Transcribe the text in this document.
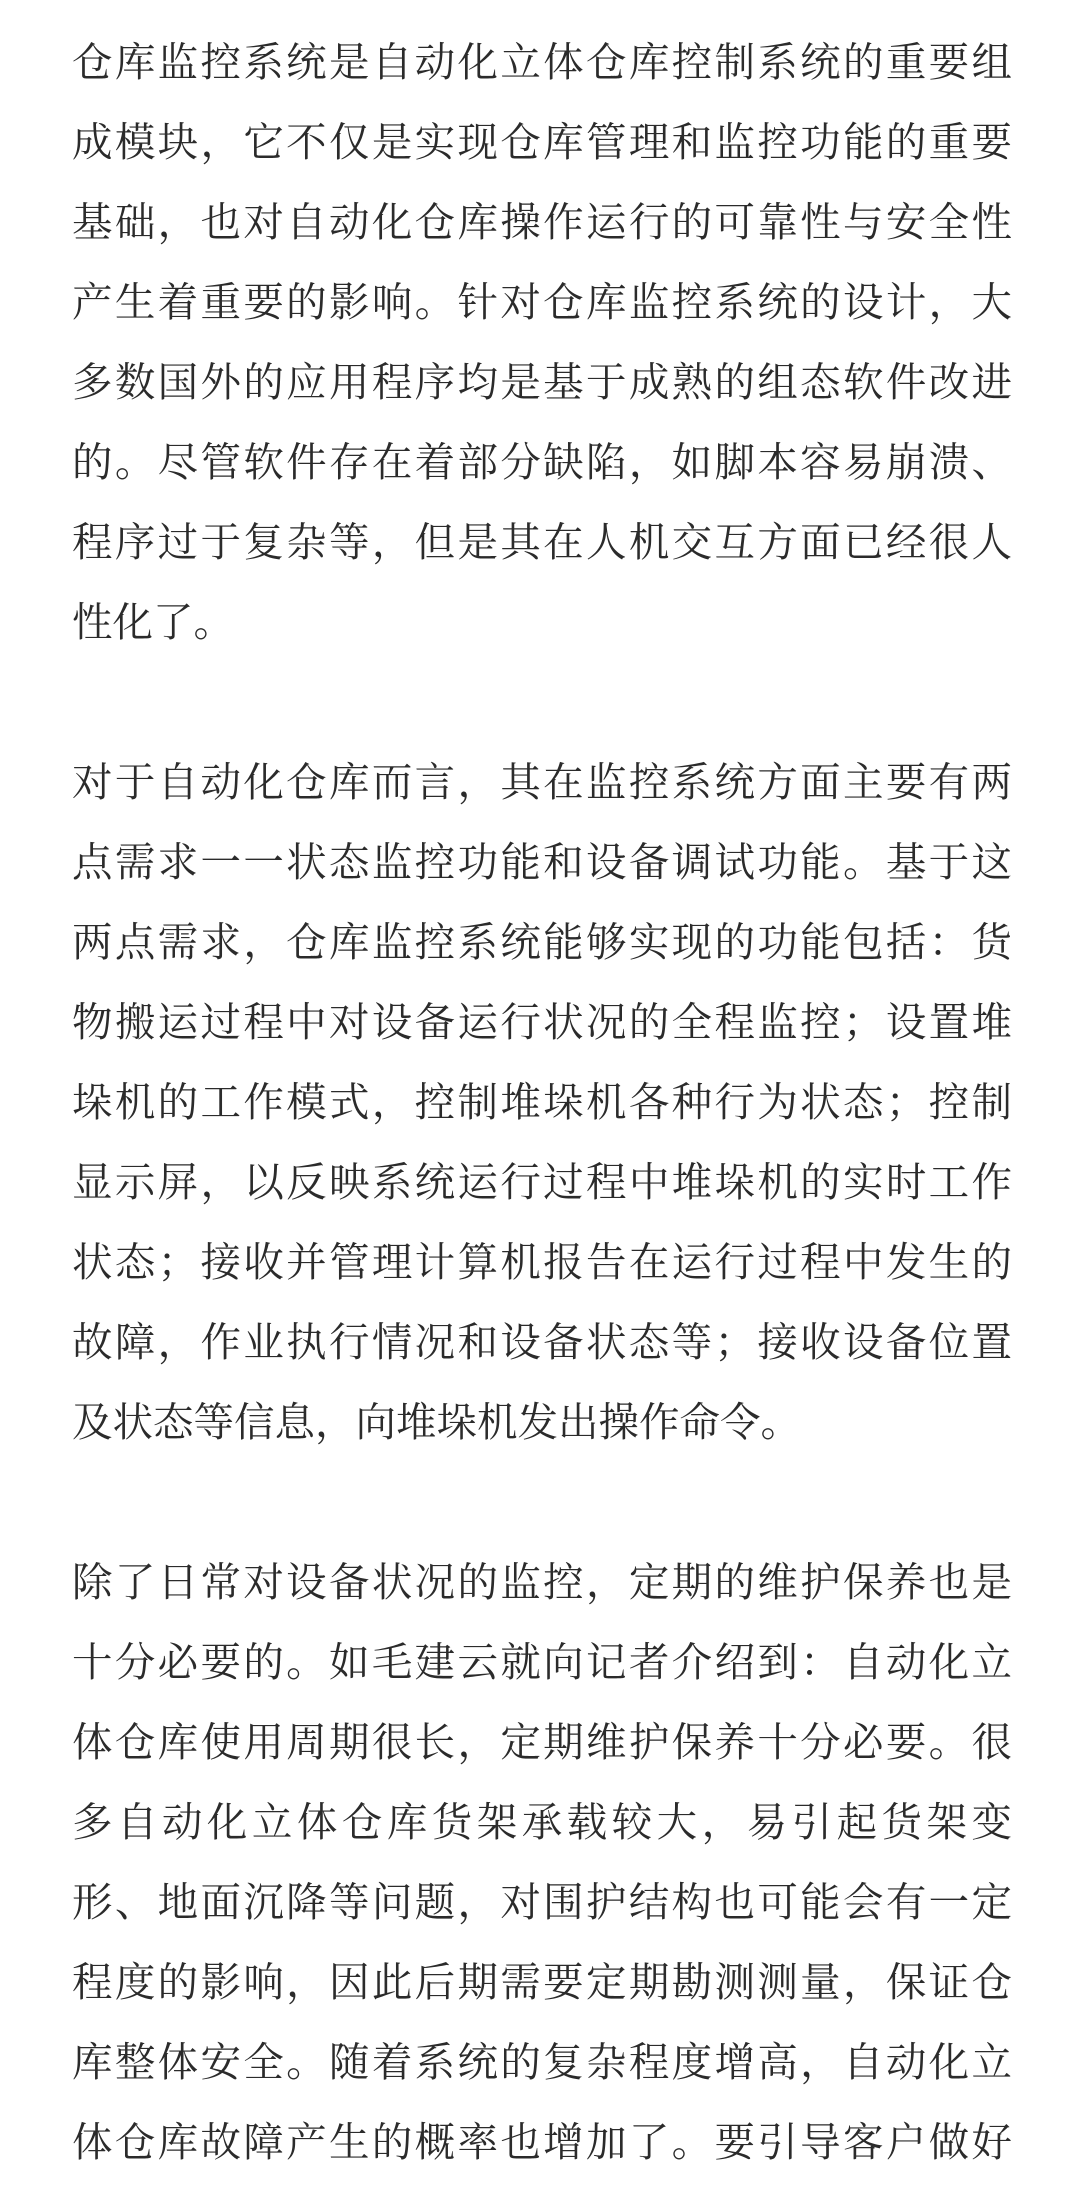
仓库监控系统是自动化立体仓库控制系统的重要组
成模块，它不仅是实现仓库管理和监控功能的重要
基础，也对自动化仓库操作运行的可靠性与安全性
产生着重要的影响。针对仓库监控系统的设计，大
多数国外的应用程序均是基于成熟的组态软件改进
的。尽管软件存在着部分缺陷，如脚本容易崩溃、
程序过于复杂等，但是其在人机交互方面已经很人
性化了。

对于自动化仓库而言，其在监控系统方面主要有两
点需求一一状态监控功能和设备调试功能。基于这
两点需求，仓库监控系统能够实现的功能包括：货
物搬运过程中对设备运行状况的全程监控；设置堆
垛机的工作模式，控制堆垛机各种行为状态；控制
显示屏，以反映系统运行过程中堆垛机的实时工作
状态；接收并管理计算机报告在运行过程中发生的
故障，作业执行情况和设备状态等；接收设备位置
及状态等信息，向堆垛机发出操作命令。

除了日常对设备状况的监控，定期的维护保养也是
十分必要的。如毛建云就向记者介绍到：自动化立
体仓库使用周期很长，定期维护保养十分必要。很
多自动化立体仓库货架承载较大，易引起货架变
形、地面沉降等问题，对围护结构也可能会有一定
程度的影响，因此后期需要定期勘测测量，保证仓
库整体安全。随着系统的复杂程度增高，自动化立
体仓库故障产生的概率也增加了。要引导客户做好
